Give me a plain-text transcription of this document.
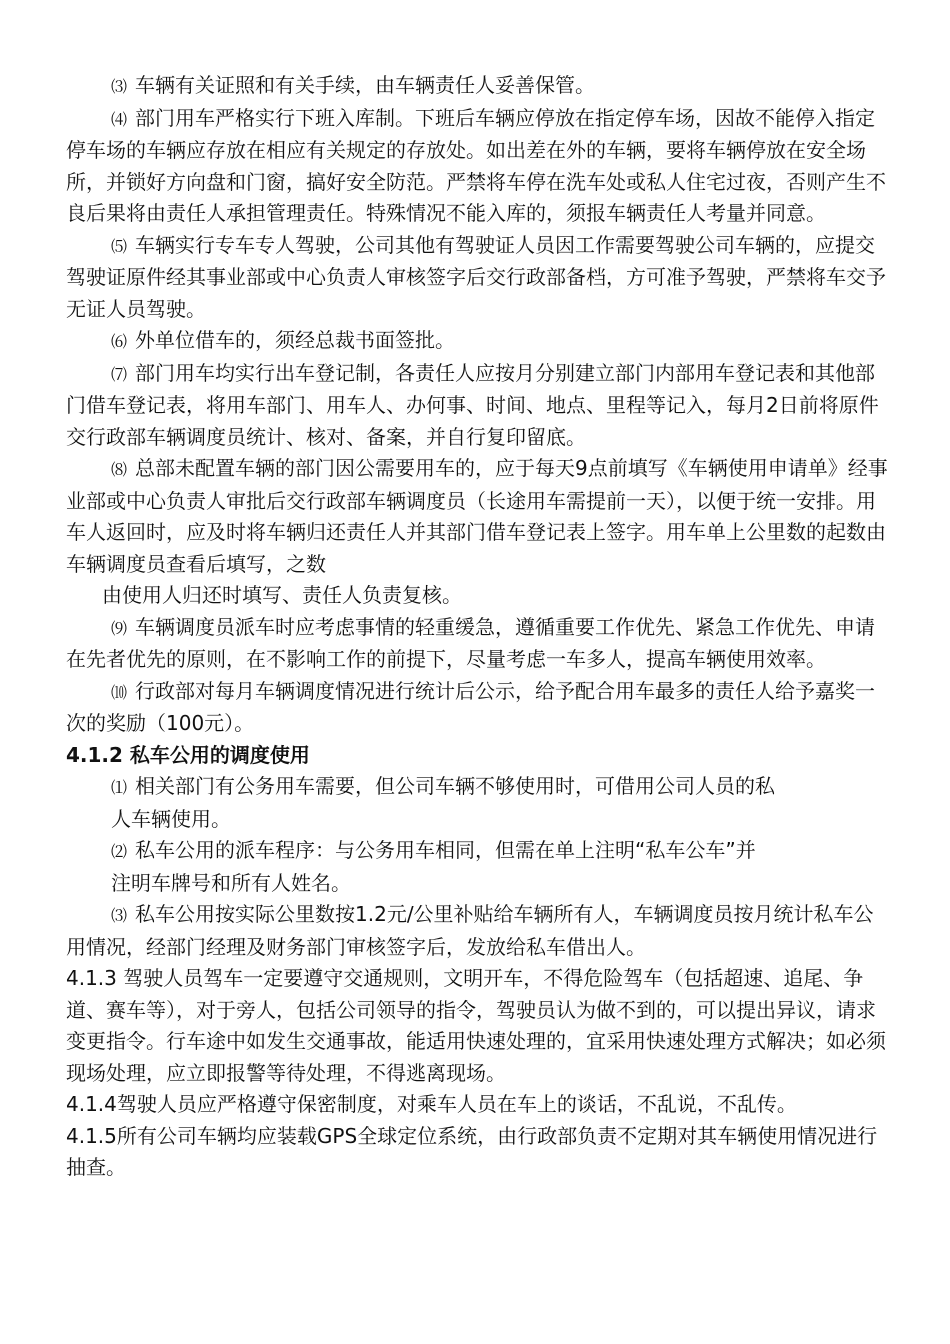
⑶ 车辆有关证照和有关手续，由车辆责任人妥善保管。

⑷ 部门用车严格实行下班入库制。下班后车辆应停放在指定停车场，因故不能停入指定停车场的车辆应存放在相应有关规定的存放处。如出差在外的车辆，要将车辆停放在安全场所，并锁好方向盘和门窗，搞好安全防范。严禁将车停在洗车处或私人住宅过夜，否则产生不良后果将由责任人承担管理责任。特殊情况不能入库的，须报车辆责任人考量并同意。

⑸ 车辆实行专车专人驾驶，公司其他有驾驶证人员因工作需要驾驶公司车辆的，应提交驾驶证原件经其事业部或中心负责人审核签字后交行政部备档，方可准予驾驶，严禁将车交予无证人员驾驶。

⑹ 外单位借车的，须经总裁书面签批。

⑺ 部门用车均实行出车登记制，各责任人应按月分别建立部门内部用车登记表和其他部门借车登记表，将用车部门、用车人、办何事、时间、地点、里程等记入，每月2日前将原件交行政部车辆调度员统计、核对、备案，并自行复印留底。

⑻ 总部未配置车辆的部门因公需要用车的，应于每天9点前填写《车辆使用申请单》经事业部或中心负责人审批后交行政部车辆调度员（长途用车需提前一天），以便于统一安排。用车人返回时，应及时将车辆归还责任人并其部门借车登记表上签字。用车单上公里数的起数由车辆调度员查看后填写，之数

由使用人归还时填写、责任人负责复核。

⑼ 车辆调度员派车时应考虑事情的轻重缓急，遵循重要工作优先、紧急工作优先、申请在先者优先的原则，在不影响工作的前提下，尽量考虑一车多人，提高车辆使用效率。

⑽ 行政部对每月车辆调度情况进行统计后公示，给予配合用车最多的责任人给予嘉奖一次的奖励（100元）。

4.1.2 私车公用的调度使用

⑴ 相关部门有公务用车需要，但公司车辆不够使用时，可借用公司人员的私

人车辆使用。

⑵ 私车公用的派车程序：与公务用车相同，但需在单上注明“私车公车”并

注明车牌号和所有人姓名。

⑶ 私车公用按实际公里数按1.2元/公里补贴给车辆所有人，车辆调度员按月统计私车公用情况，经部门经理及财务部门审核签字后，发放给私车借出人。

4.1.3 驾驶人员驾车一定要遵守交通规则，文明开车，不得危险驾车（包括超速、追尾、争道、赛车等），对于旁人，包括公司领导的指令，驾驶员认为做不到的，可以提出异议，请求变更指令。行车途中如发生交通事故，能适用快速处理的，宜采用快速处理方式解决；如必须现场处理，应立即报警等待处理，不得逃离现场。

4.1.4驾驶人员应严格遵守保密制度，对乘车人员在车上的谈话，不乱说，不乱传。

4.1.5所有公司车辆均应装载GPS全球定位系统，由行政部负责不定期对其车辆使用情况进行抽查。
